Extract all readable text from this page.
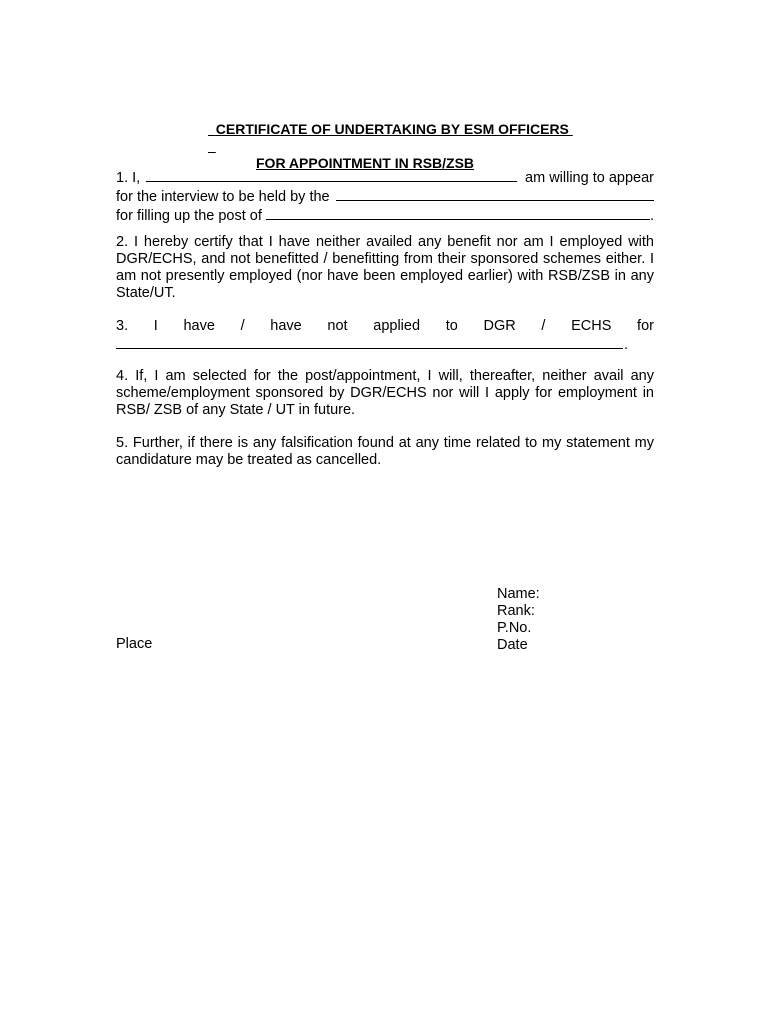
CERTIFICATE OF UNDERTAKING BY ESM OFFICERS

FOR APPOINTMENT IN RSB/ZSB

1. I,	am willing to appear
for the interview to be held by the
for filling up the post of	.
2. I hereby certify that I have neither availed any benefit nor am I employed with DGR/ECHS, and not benefitted / benefitting from their sponsored schemes either. I am not presently employed (nor have been employed earlier) with RSB/ZSB in any State/UT.
3. I have / have not applied to DGR / ECHS for
.
4. If, I am selected for the post/appointment, I will, thereafter, neither avail any scheme/employment sponsored by DGR/ECHS nor will I apply for employment in RSB/ ZSB of any State / UT in future.
5. Further, if there is any falsification found at any time related to my statement my candidature may be treated as cancelled.
Name:
Rank:
P.No.
Date
Place
